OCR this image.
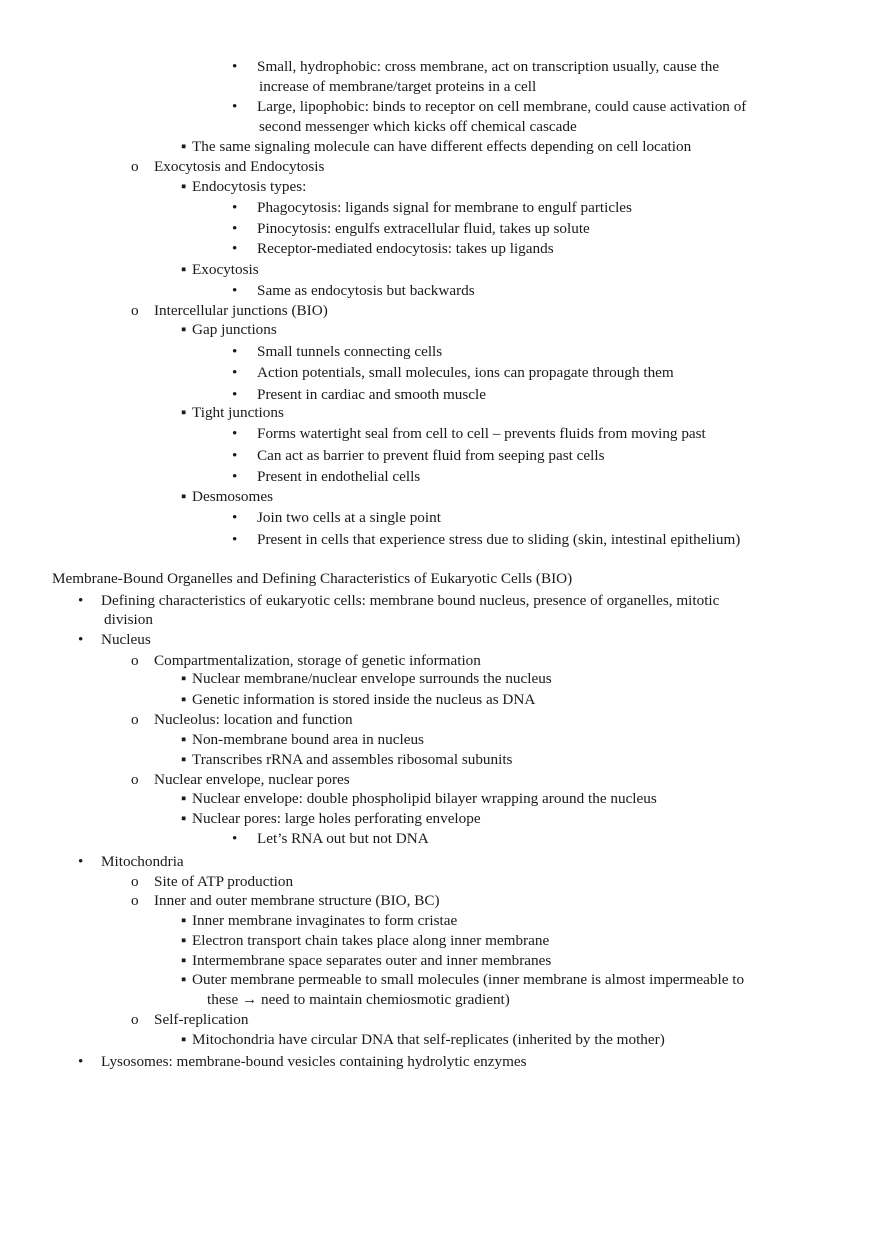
• Small, hydrophobic: cross membrane, act on transcription usually, cause the
increase of membrane/target proteins in a cell
• Large, lipophobic: binds to receptor on cell membrane, could cause activation of
second messenger which kicks off chemical cascade
▪ The same signaling molecule can have different effects depending on cell location
o Exocytosis and Endocytosis
▪ Endocytosis types:
• Phagocytosis: ligands signal for membrane to engulf particles
• Pinocytosis: engulfs extracellular fluid, takes up solute
• Receptor-mediated endocytosis: takes up ligands
▪ Exocytosis
• Same as endocytosis but backwards
o Intercellular junctions (BIO)
▪ Gap junctions
• Small tunnels connecting cells
• Action potentials, small molecules, ions can propagate through them
• Present in cardiac and smooth muscle
▪ Tight junctions
• Forms watertight seal from cell to cell – prevents fluids from moving past
• Can act as barrier to prevent fluid from seeping past cells
• Present in endothelial cells
▪ Desmosomes
• Join two cells at a single point
• Present in cells that experience stress due to sliding (skin, intestinal epithelium)
Membrane-Bound Organelles and Defining Characteristics of Eukaryotic Cells (BIO)
• Defining characteristics of eukaryotic cells: membrane bound nucleus, presence of organelles, mitotic
division
• Nucleus
o Compartmentalization, storage of genetic information
▪ Nuclear membrane/nuclear envelope surrounds the nucleus
▪ Genetic information is stored inside the nucleus as DNA
o Nucleolus: location and function
▪ Non-membrane bound area in nucleus
▪ Transcribes rRNA and assembles ribosomal subunits
o Nuclear envelope, nuclear pores
▪ Nuclear envelope: double phospholipid bilayer wrapping around the nucleus
▪ Nuclear pores: large holes perforating envelope
• Let’s RNA out but not DNA
• Mitochondria
o Site of ATP production
o Inner and outer membrane structure (BIO, BC)
▪ Inner membrane invaginates to form cristae
▪ Electron transport chain takes place along inner membrane
▪ Intermembrane space separates outer and inner membranes
▪ Outer membrane permeable to small molecules (inner membrane is almost impermeable to
these → need to maintain chemiosmotic gradient)
o Self-replication
▪ Mitochondria have circular DNA that self-replicates (inherited by the mother)
• Lysosomes: membrane-bound vesicles containing hydrolytic enzymes
